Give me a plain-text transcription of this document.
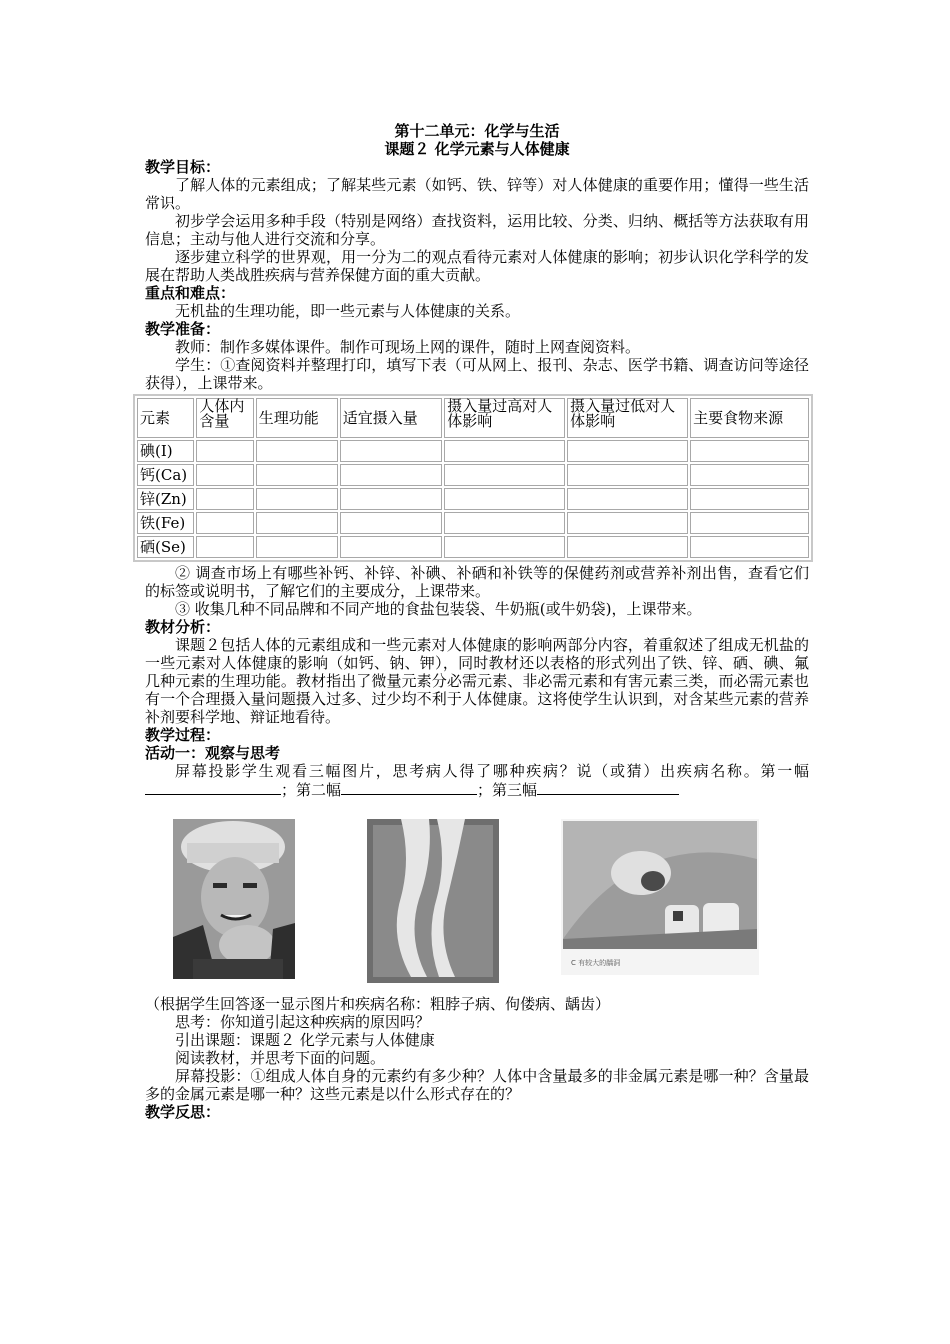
第十二单元：化学与生活
课题２ 化学元素与人体健康
教学目标：
了解人体的元素组成；了解某些元素（如钙、铁、锌等）对人体健康的重要作用；懂得一些生活常识。
初步学会运用多种手段（特别是网络）查找资料，运用比较、分类、归纳、概括等方法获取有用信息；主动与他人进行交流和分享。
逐步建立科学的世界观，用一分为二的观点看待元素对人体健康的影响；初步认识化学科学的发展在帮助人类战胜疾病与营养保健方面的重大贡献。
重点和难点：
无机盐的生理功能，即一些元素与人体健康的关系。
教学准备：
教师：制作多媒体课件。制作可现场上网的课件，随时上网查阅资料。
学生：①查阅资料并整理打印，填写下表（可从网上、报刊、杂志、医学书籍、调查访问等途径获得），上课带来。
元素	人体内含量	生理功能	适宜摄入量	摄入量过高对人体影响	摄入量过低对人体影响	主要食物来源
碘(I)						
钙(Ca)						
锌(Zn)						
铁(Fe)						
硒(Se)						
② 调查市场上有哪些补钙、补锌、补碘、补硒和补铁等的保健药剂或营养补剂出售，查看它们的标签或说明书，了解它们的主要成分，上课带来。
③ 收集几种不同品牌和不同产地的食盐包装袋、牛奶瓶(或牛奶袋)，上课带来。
教材分析：
课题２包括人体的元素组成和一些元素对人体健康的影响两部分内容，着重叙述了组成无机盐的一些元素对人体健康的影响（如钙、钠、钾），同时教材还以表格的形式列出了铁、锌、硒、碘、氟几种元素的生理功能。教材指出了微量元素分必需元素、非必需元素和有害元素三类，而必需元素也有一个合理摄入量问题摄入过多、过少均不利于人体健康。这将使学生认识到，对含某些元素的营养补剂要科学地、辩证地看待。
教学过程：
活动一：观察与思考
屏幕投影学生观看三幅图片，思考病人得了哪种疾病？说（或猜）出疾病名称。第一幅；第二幅	；第三幅
C 有较大的龋洞
（根据学生回答逐一显示图片和疾病名称：粗脖子病、佝偻病、龋齿）
思考：你知道引起这种疾病的原因吗？
引出课题：课题２ 化学元素与人体健康
阅读教材，并思考下面的问题。
屏幕投影：①组成人体自身的元素约有多少种？人体中含量最多的非金属元素是哪一种？含量最多的金属元素是哪一种？这些元素是以什么形式存在的？
教学反思：
